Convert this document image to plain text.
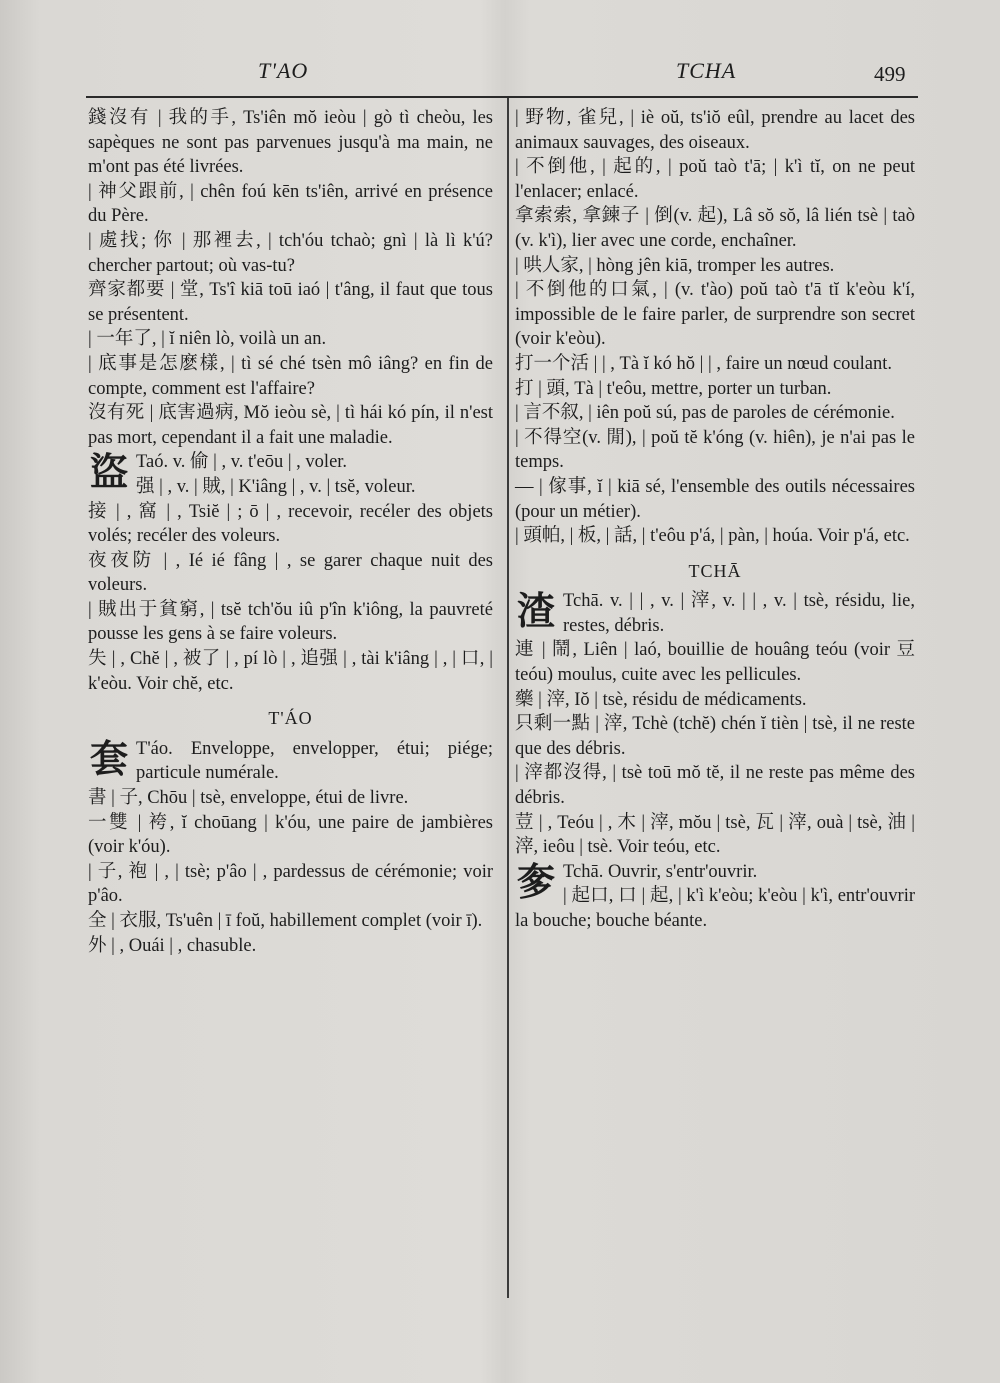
T'AO	TCHA	499

錢沒有 | 我的手, Ts'iên mŏ ieòu | gò tì cheòu, les sapèques ne sont pas parvenues jusqu'à ma main, ne m'ont pas été livrées.

| 神父跟前, | chên foú kēn ts'iên, arrivé en présence du Père.

| 處找; 你 | 那裡去, | tch'óu tchaò; gnì | là lì k'ú? chercher partout; où vas-tu?

齊家都要 | 堂, Ts'î kiā toū iaó | t'âng, il faut que tous se présentent.

| 一年了, | ĭ niên lò, voilà un an.

| 底事是怎麽樣, | tì sé ché tsèn mô iâng? en fin de compte, comment est l'affaire?

沒有死 | 底害過病, Mŏ ieòu sè, | tì hái kó pín, il n'est pas mort, cependant il a fait une maladie.

盜 Taó. v. 偷 | , v. t'eōu | , voler.

强 | , v. | 賊, | K'iâng | , v. | tsĕ, voleur.

接 | , 窩 | , Tsiĕ | ; ō | , recevoir, recéler des objets volés; recéler des voleurs.

夜夜防 | , Ié ié fâng | , se garer chaque nuit des voleurs.

| 賊出于貧窮, | tsĕ tch'ŏu iû p'în k'iông, la pauvreté pousse les gens à se faire voleurs.

失 | , Chĕ | , 被了 | , pí lò | , 追强 | , tài k'iâng | , | 口, | k'eòu. Voir chĕ, etc.

T'ÁO

套 T'áo. Enveloppe, envelopper, étui; piége; particule numérale.

書 | 子, Chōu | tsè, enveloppe, étui de livre.

一雙 | 袴, ĭ choūang | k'óu, une paire de jambières (voir k'óu).

| 子, 袍 | , | tsè; p'âo | , pardessus de cérémonie; voir p'âo.

全 | 衣服, Ts'uên | ī foŭ, habillement complet (voir ī).

外 | , Ouái | , chasuble.

| 野物, 雀兒, | iè oŭ, ts'iŏ eûl, prendre au lacet des animaux sauvages, des oiseaux.

| 不倒他, | 起的, | poŭ taò t'ā; | k'ì tĭ, on ne peut l'enlacer; enlacé.

拿索索, 拿鍊子 | 倒(v. 起), Lâ sŏ sŏ, lâ lién tsè | taò (v. k'ì), lier avec une corde, enchaîner.

| 哄人家, | hòng jên kiā, tromper les autres.

| 不倒他的口氣, | (v. t'ào) poŭ taò t'ā tĭ k'eòu k'í, impossible de le faire parler, de surprendre son secret (voir k'eòu).

打一个活 | | , Tà ĭ kó hŏ | | , faire un nœud coulant.

打 | 頭, Tà | t'eôu, mettre, porter un turban.

| 言不叙, | iên poŭ sú, pas de paroles de cérémonie.

| 不得空(v. 閒), | poŭ tĕ k'óng (v. hiên), je n'ai pas le temps.

— | 傢事, ĭ | kiā sé, l'ensemble des outils nécessaires (pour un métier).

| 頭帕, | 板, | 話, | t'eôu p'á, | pàn, | hoúa. Voir p'á, etc.

TCHĀ

渣 Tchā. v. | | , v. | 滓, v. | | , v. | tsè, résidu, lie, restes, débris.

連 | 鬧, Liên | laó, bouillie de houâng teóu (voir 豆 teóu) moulus, cuite avec les pellicules.

藥 | 滓, Iŏ | tsè, résidu de médicaments.

只剩一點 | 滓, Tchè (tchĕ) chén ĭ tièn | tsè, il ne reste que des débris.

| 滓都沒得, | tsè toū mŏ tĕ, il ne reste pas même des débris.

荳 | , Teóu | , 木 | 滓, mŏu | tsè, 瓦 | 滓, ouà | tsè, 油 | 滓, ieôu | tsè. Voir teóu, etc.

奓 Tchā. Ouvrir, s'entr'ouvrir.

| 起口, 口 | 起, | k'ì k'eòu; k'eòu | k'ì, entr'ouvrir la bouche; bouche béante.
